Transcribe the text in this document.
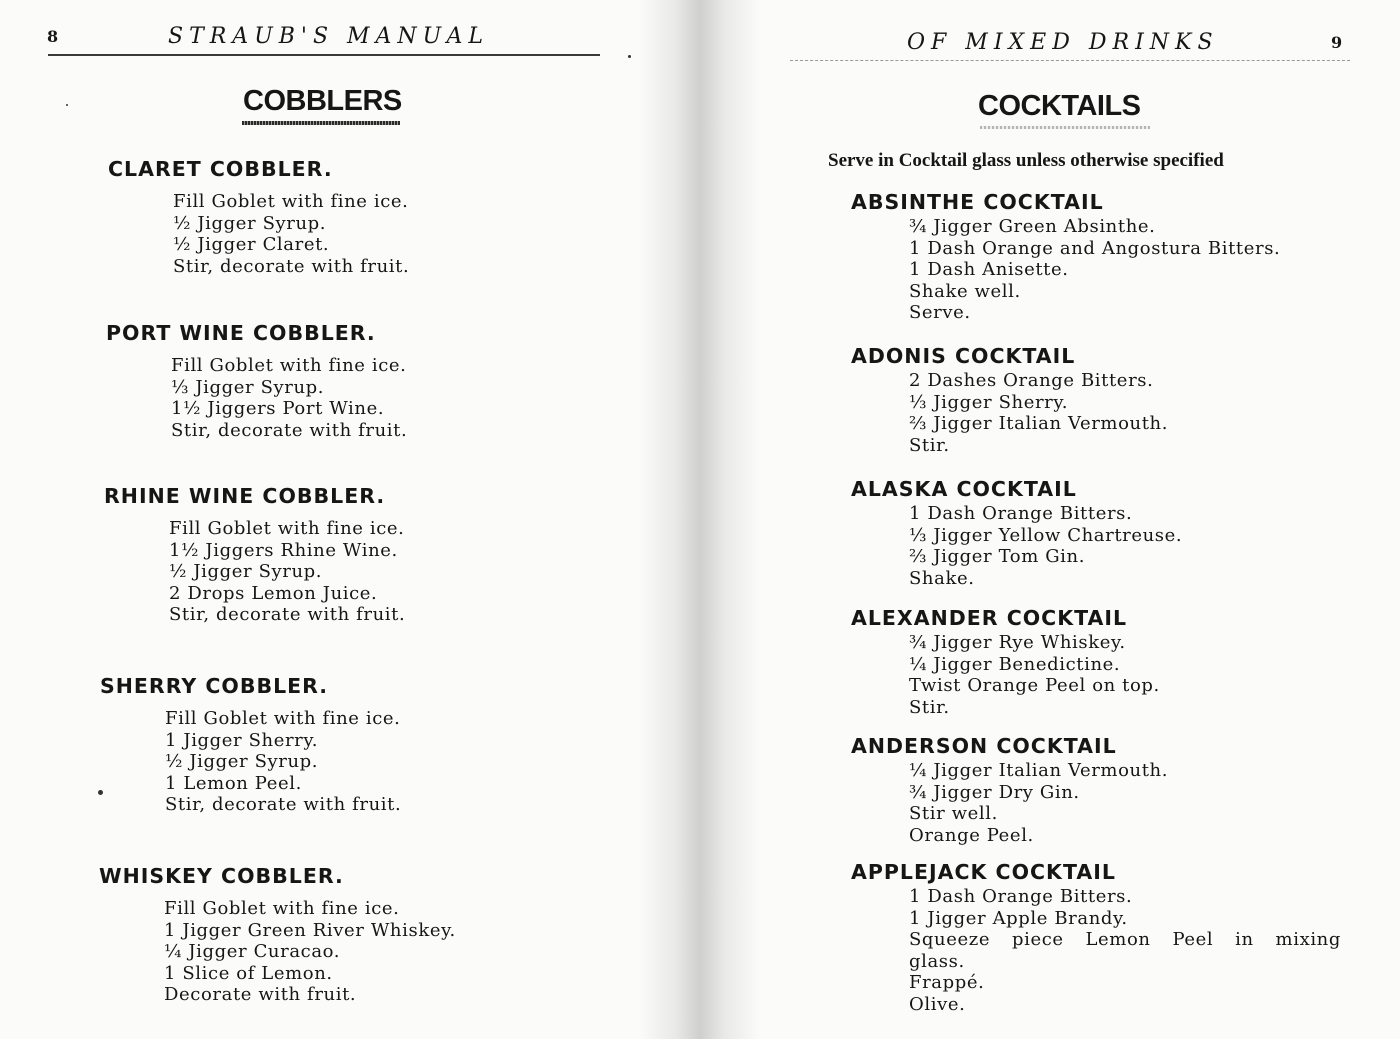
8	STRAUB'S MANUAL
COBBLERS
CLARET COBBLER.
Fill Goblet with fine ice.
½ Jigger Syrup.
½ Jigger Claret.
Stir, decorate with fruit.
PORT WINE COBBLER.
Fill Goblet with fine ice.
⅓ Jigger Syrup.
1½ Jiggers Port Wine.
Stir, decorate with fruit.
RHINE WINE COBBLER.
Fill Goblet with fine ice.
1½ Jiggers Rhine Wine.
½ Jigger Syrup.
2 Drops Lemon Juice.
Stir, decorate with fruit.
SHERRY COBBLER.
Fill Goblet with fine ice.
1 Jigger Sherry.
½ Jigger Syrup.
1 Lemon Peel.
Stir, decorate with fruit.
WHISKEY COBBLER.
Fill Goblet with fine ice.
1 Jigger Green River Whiskey.
¼ Jigger Curacao.
1 Slice of Lemon.
Decorate with fruit.
OF MIXED DRINKS	9
COCKTAILS
Serve in Cocktail glass unless otherwise specified
ABSINTHE COCKTAIL
¾ Jigger Green Absinthe.
1 Dash Orange and Angostura Bitters.
1 Dash Anisette.
Shake well.
Serve.
ADONIS COCKTAIL
2 Dashes Orange Bitters.
⅓ Jigger Sherry.
⅔ Jigger Italian Vermouth.
Stir.
ALASKA COCKTAIL
1 Dash Orange Bitters.
⅓ Jigger Yellow Chartreuse.
⅔ Jigger Tom Gin.
Shake.
ALEXANDER COCKTAIL
¾ Jigger Rye Whiskey.
¼ Jigger Benedictine.
Twist Orange Peel on top.
Stir.
ANDERSON COCKTAIL
¼ Jigger Italian Vermouth.
¾ Jigger Dry Gin.
Stir well.
Orange Peel.
APPLEJACK COCKTAIL
1 Dash Orange Bitters.
1 Jigger Apple Brandy.
Squeeze piece Lemon Peel in mixing
glass.
Frappé.
Olive.
